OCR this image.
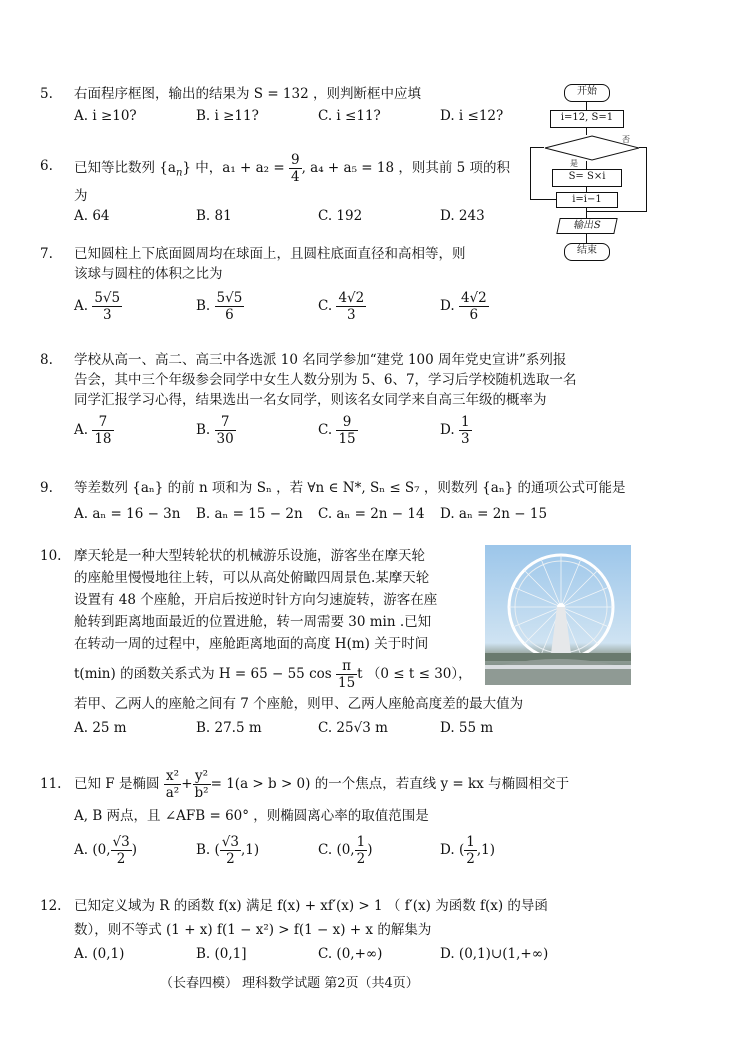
5.	右面程序框图，输出的结果为 S = 132 ，则判断框中应填
A. i ≥10?	B. i ≥11?	C. i ≤11?	D. i ≤12?
6.	已知等比数列 $\{a_n\}$ 中，$a_1 + a_2 = \frac{9}{4}$ , a₄ + a₅ = 18 ，则其前 5 项的积
为
A. 64	B. 81	C. 192	D. 243
7.	已知圆柱上下底面圆周均在球面上，且圆柱底面直径和高相等，则
该球与圆柱的体积之比为
A. $\frac{5√5}{3}$	B. $\frac{5√5}{6}$	C. $\frac{4√2}{3}$	D. $\frac{4√2}{6}$
8.	学校从高一、高二、高三中各选派 10 名同学参加“建党 100 周年党史宣讲”系列报
告会，其中三个年级参会同学中女生人数分别为 5、6、7，学习后学校随机选取一名
同学汇报学习心得，结果选出一名女同学，则该名女同学来自高三年级的概率为
A. $\frac{7}{18}$	B. $\frac{7}{30}$	C. $\frac{9}{15}$	D. $\frac{1}{3}$
9.	等差数列 {aₙ} 的前 n 项和为 Sₙ ，若 ∀n ∈ N*, Sₙ ≤ S₇ ，则数列 {aₙ} 的通项公式可能是
A. aₙ = 16 − 3n B. aₙ = 15 − 2n C. aₙ = 2n − 14 D. aₙ = 2n − 15
10. 摩天轮是一种大型转轮状的机械游乐设施，游客坐在摩天轮
的座舱里慢慢地往上转，可以从高处俯瞰四周景色.某摩天轮
设置有 48 个座舱，开启后按逆时针方向匀速旋转，游客在座
舱转到距离地面最近的位置进舱，转一周需要 30 min .已知
在转动一周的过程中，座舱距离地面的高度 H(m) 关于时间
t(min) 的函数关系式为 H = 65 − 55 $\cos \frac{\pi}{15}$ t （0 ≤ t ≤ 30），
若甲、乙两人的座舱之间有 7 个座舱，则甲、乙两人座舱高度差的最大值为
A. 25 m	B. 27.5 m	C. 25√3 m	D. 55 m
11. 已知 F 是椭圆 $\frac{\text{x²}}{\text{a²}} + \frac{\text{y²}}{\text{b²}} = 1(a > b > 0)$ 的一个焦点，若直线 y = kx 与椭圆相交于
A, B 两点，且 ∠AFB = 60° ，则椭圆离心率的取值范围是
A. (0, $\frac{√3}{2}$ )	B. ( $\frac{√3}{2} ,1$)	C. (0, $\frac{1}{2}$ )	D. ( $\frac{1}{2} ,1$)
12. 已知定义域为 R 的函数 f(x) 满足 f(x) + xf′(x) > 1 （ f′(x) 为函数 f(x) 的导函
数），则不等式 (1 + x) f(1 − x²) > f(1 − x) + x 的解集为
A. (0,1)	B. (0,1]	C. (0,+∞)	D. (0,1)∪(1,+∞)
开始
i=12, S=1
否
是
S= S×i
i=i−1
输出S
结束
（长春四模） 理科数学试题 第2页（共4页）
